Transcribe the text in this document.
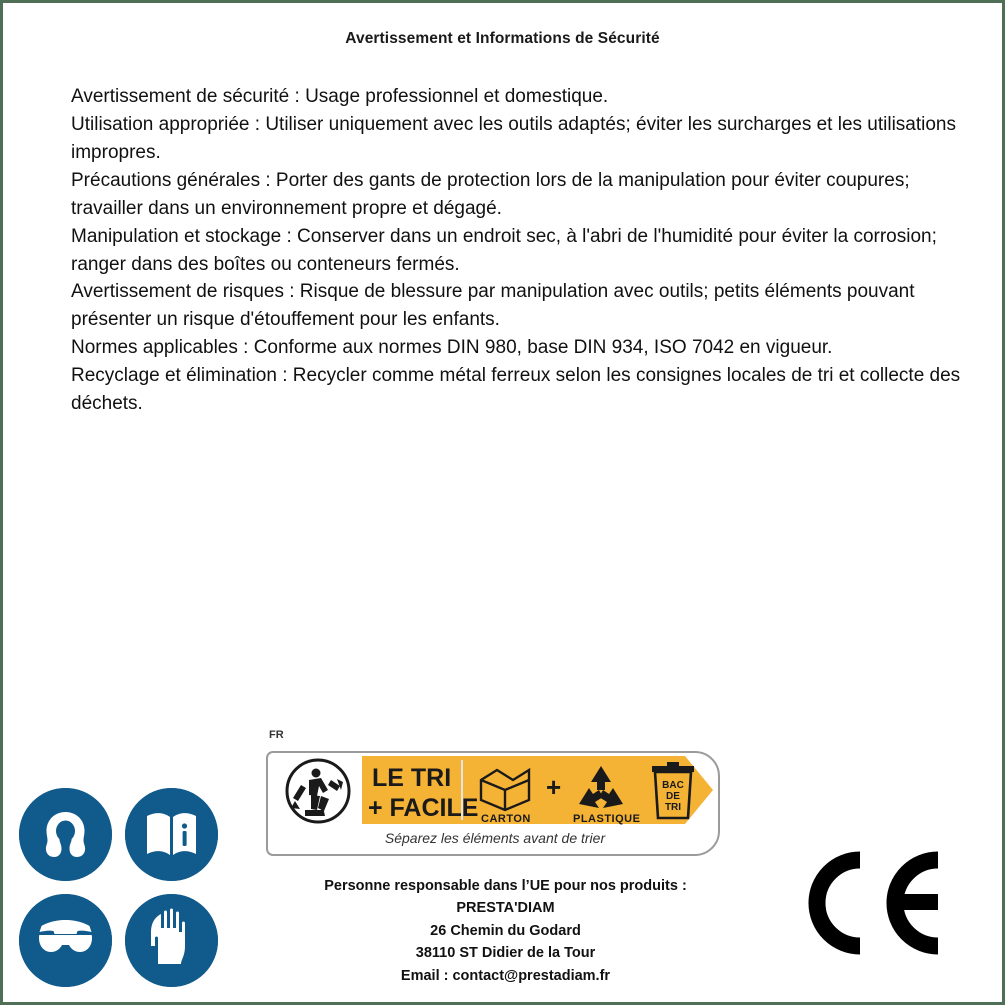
Avertissement et Informations de Sécurité

Avertissement de sécurité : Usage professionnel et domestique.

Utilisation appropriée : Utiliser uniquement avec les outils adaptés; éviter les surcharges et les utilisations impropres.

Précautions générales : Porter des gants de protection lors de la manipulation pour éviter coupures; travailler dans un environnement propre et dégagé.

Manipulation et stockage : Conserver dans un endroit sec, à l'abri de l'humidité pour éviter la corrosion; ranger dans des boîtes ou conteneurs fermés.

Avertissement de risques : Risque de blessure par manipulation avec outils; petits éléments pouvant présenter un risque d'étouffement pour les enfants.

Normes applicables : Conforme aux normes DIN 980, base DIN 934, ISO 7042 en vigueur.

Recyclage et élimination : Recycler comme métal ferreux selon les consignes locales de tri et collecte des déchets.

FR
LE TRI
+ FACILE CARTON
+
PLASTIQUE
BAC
DE
TRI
Séparez les éléments avant de trier
Personne responsable dans l’UE pour nos produits :
PRESTA'DIAM
26 Chemin du Godard
38110 ST Didier de la Tour
Email : contact@prestadiam.fr
